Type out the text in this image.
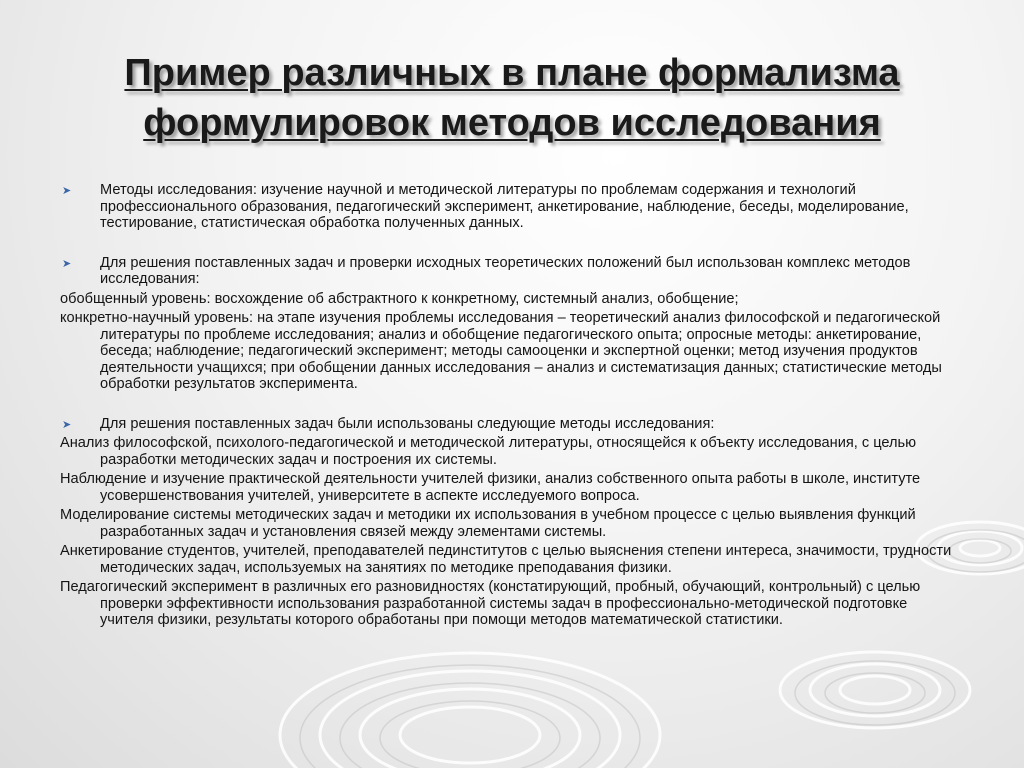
Пример различных в плане формализма
формулировок методов исследования

➤ Методы исследования: изучение научной и методической литературы по проблемам содержания и технологий профессионального образования, педагогический эксперимент, анкетирование, наблюдение, беседы, моделирование, тестирование, статистическая обработка полученных данных.

➤ Для решения поставленных задач и проверки исходных теоретических положений был использован комплекс методов исследования:

обобщенный уровень: восхождение об абстрактного к конкретному, системный анализ, обобщение;

конкретно-научный уровень: на этапе изучения проблемы исследования – теоретический анализ философской и педагогической литературы по проблеме исследования; анализ и обобщение педагогического опыта; опросные методы: анкетирование, беседа; наблюдение; педагогический эксперимент; методы самооценки и экспертной оценки; метод изучения продуктов деятельности учащихся; при обобщении данных исследования – анализ и систематизация данных; статистические методы обработки результатов эксперимента.

➤ Для решения поставленных задач были использованы следующие методы исследования:

Анализ философской, психолого-педагогической и методической литературы, относящейся к объекту исследования, с целью разработки методических задач и построения их системы.

Наблюдение и изучение практической деятельности учителей физики, анализ собственного опыта работы в школе, институте усовершенствования учителей, университете в аспекте исследуемого вопроса.

Моделирование системы методических задач и методики их использования в учебном процессе с целью выявления функций разработанных задач и установления связей между элементами системы.

Анкетирование студентов, учителей, преподавателей пединститутов с целью выяснения степени интереса, значимости, трудности методических задач, используемых на занятиях по методике преподавания физики.

Педагогический эксперимент в различных его разновидностях (констатирующий, пробный, обучающий, контрольный) с целью проверки эффективности использования разработанной системы задач в профессионально-методической подготовке учителя физики, результаты которого обработаны при помощи методов математической статистики.
